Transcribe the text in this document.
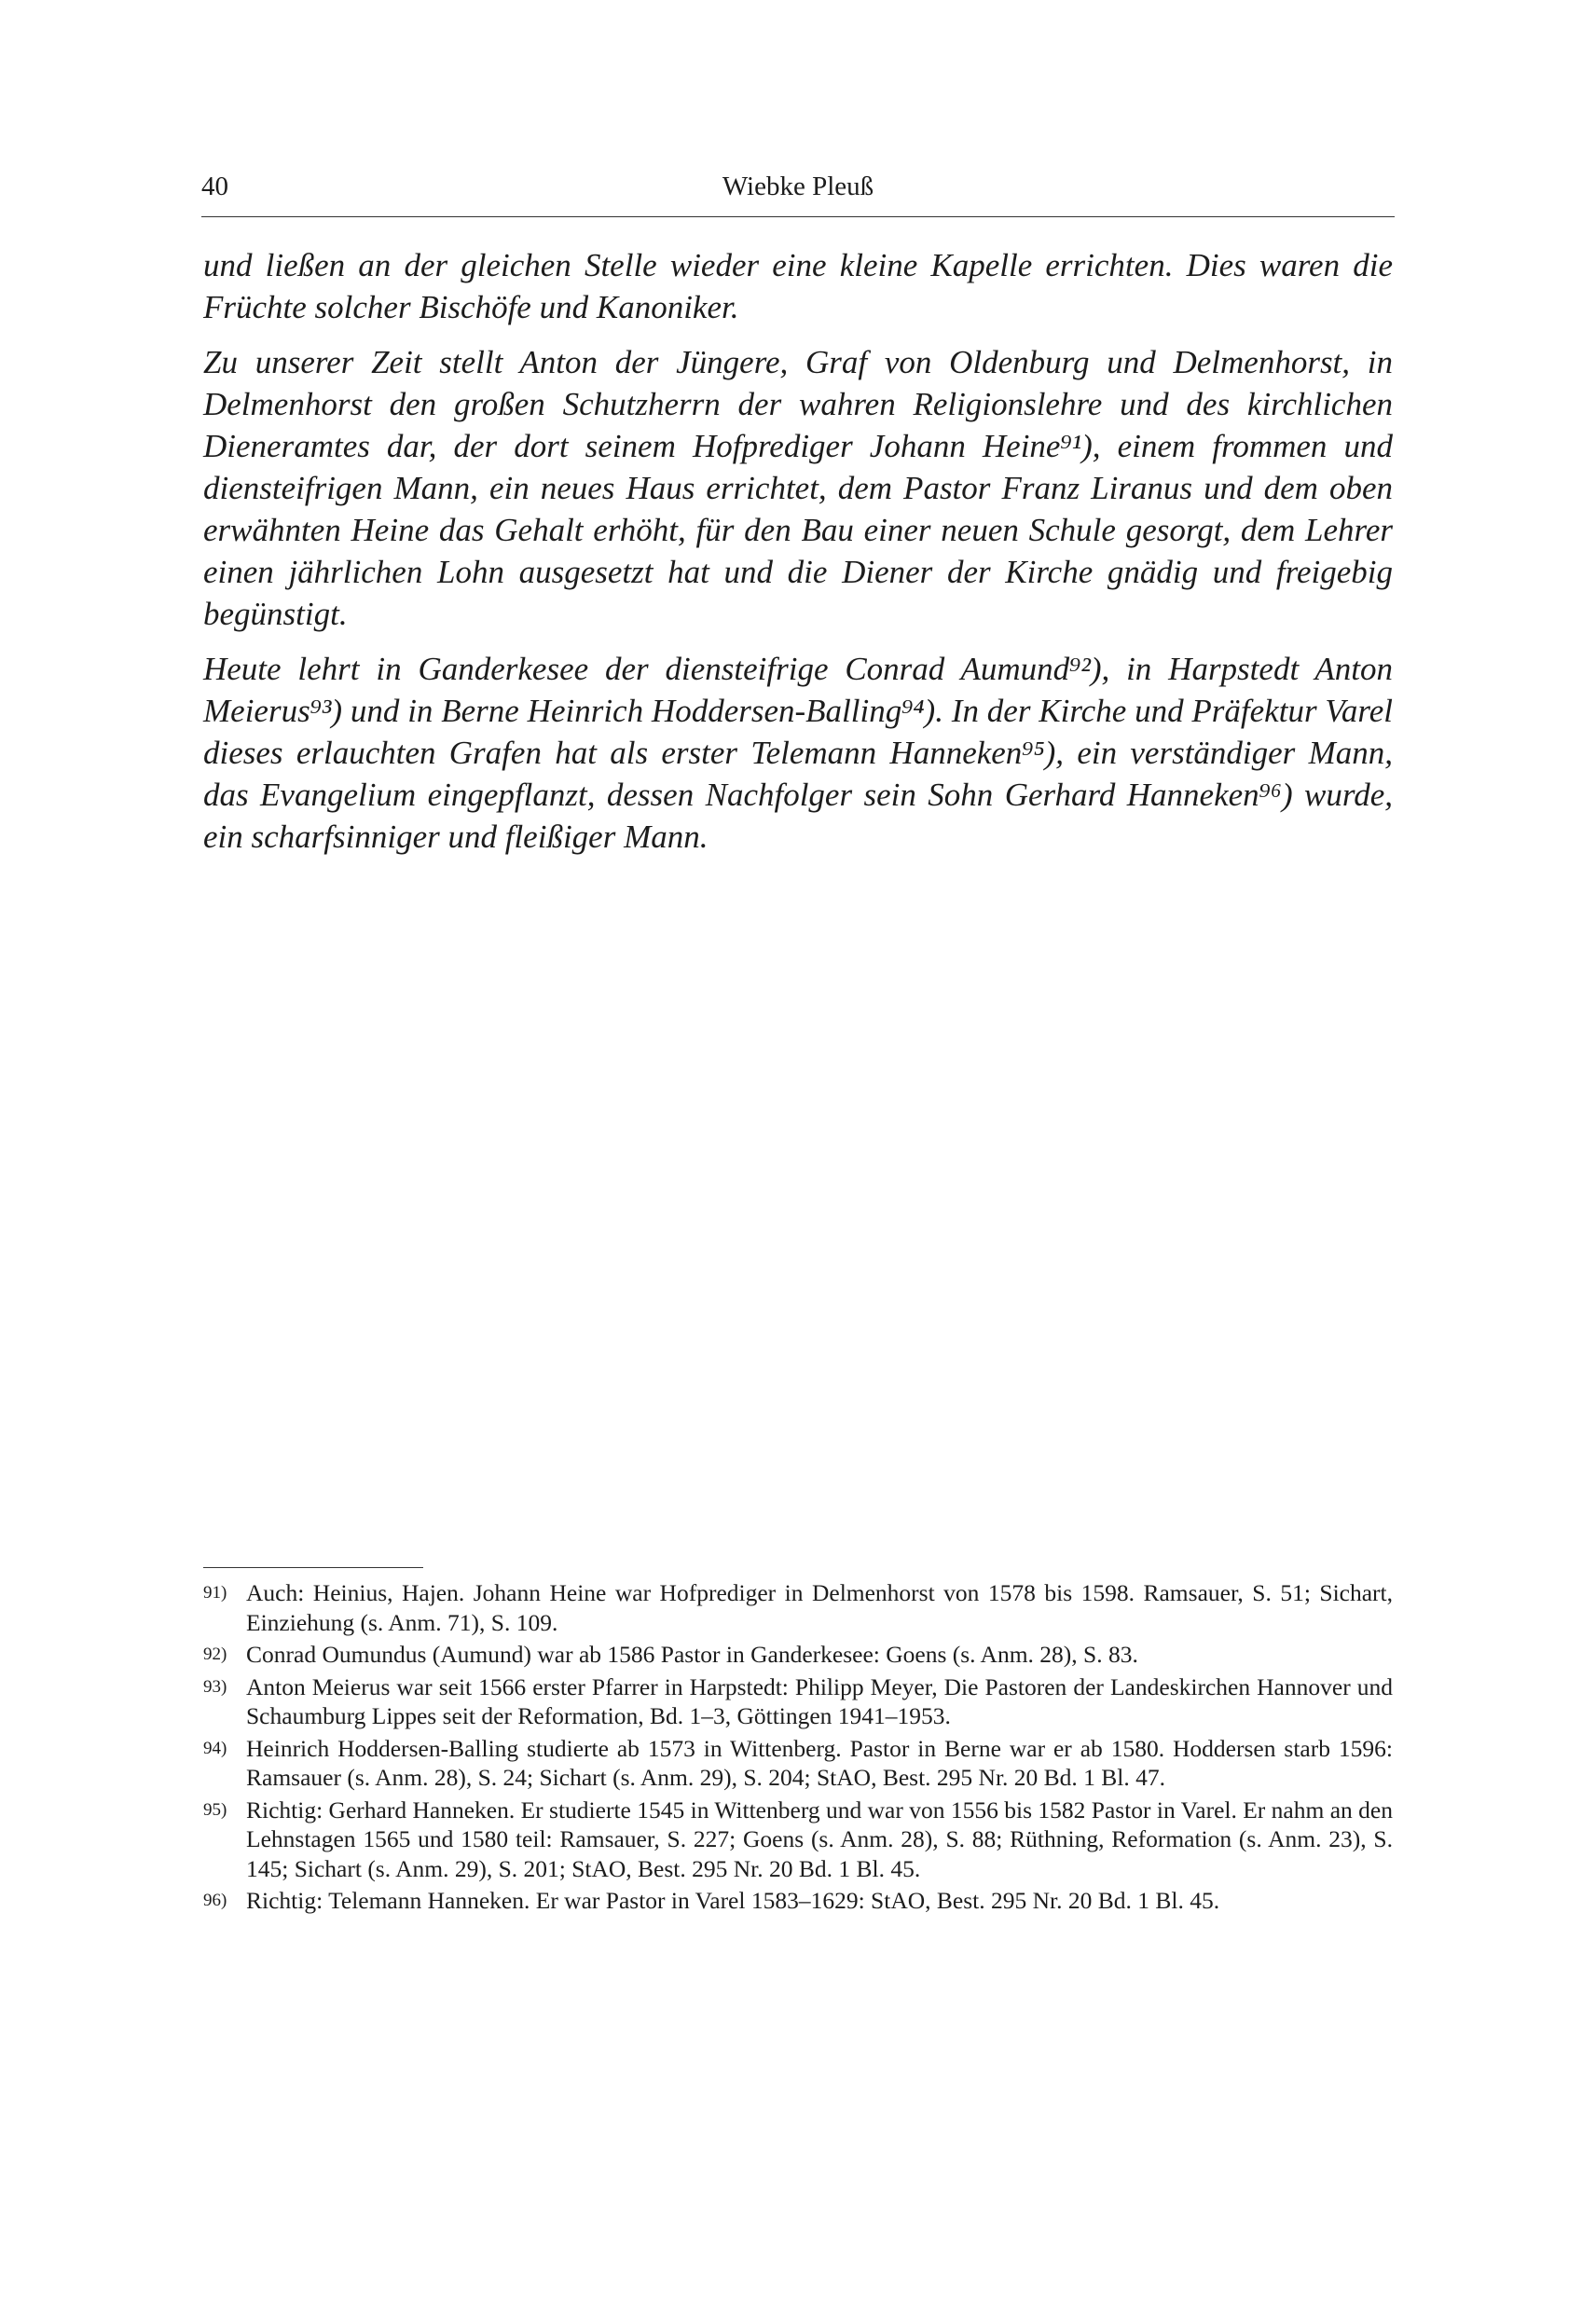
40	Wiebke Pleuß

und ließen an der gleichen Stelle wieder eine kleine Kapelle errichten. Dies waren die Früchte solcher Bischöfe und Kanoniker.

Zu unserer Zeit stellt Anton der Jüngere, Graf von Oldenburg und Delmenhorst, in Delmenhorst den großen Schutzherrn der wahren Religionslehre und des kirchlichen Dieneramtes dar, der dort seinem Hofprediger Johann Heine⁹¹), einem frommen und diensteifrigen Mann, ein neues Haus errichtet, dem Pastor Franz Liranus und dem oben erwähnten Heine das Gehalt erhöht, für den Bau einer neuen Schule gesorgt, dem Lehrer einen jährlichen Lohn ausgesetzt hat und die Diener der Kirche gnädig und freigebig begünstigt.

Heute lehrt in Ganderkesee der diensteifrige Conrad Aumund⁹²), in Harpstedt Anton Meierus⁹³) und in Berne Heinrich Hoddersen-Balling⁹⁴). In der Kirche und Präfektur Varel dieses erlauchten Grafen hat als erster Telemann Hanneken⁹⁵), ein verständiger Mann, das Evangelium eingepflanzt, dessen Nachfolger sein Sohn Gerhard Hanneken⁹⁶) wurde, ein scharfsinniger und fleißiger Mann.

91) Auch: Heinius, Hajen. Johann Heine war Hofprediger in Delmenhorst von 1578 bis 1598. Ramsauer, S. 51; Sichart, Einziehung (s. Anm. 71), S. 109.
92) Conrad Oumundus (Aumund) war ab 1586 Pastor in Ganderkesee: Goens (s. Anm. 28), S. 83.
93) Anton Meierus war seit 1566 erster Pfarrer in Harpstedt: Philipp Meyer, Die Pastoren der Landeskirchen Hannover und Schaumburg Lippes seit der Reformation, Bd. 1–3, Göttingen 1941–1953.
94) Heinrich Hoddersen-Balling studierte ab 1573 in Wittenberg. Pastor in Berne war er ab 1580. Hoddersen starb 1596: Ramsauer (s. Anm. 28), S. 24; Sichart (s. Anm. 29), S. 204; StAO, Best. 295 Nr. 20 Bd. 1 Bl. 47.
95) Richtig: Gerhard Hanneken. Er studierte 1545 in Wittenberg und war von 1556 bis 1582 Pastor in Varel. Er nahm an den Lehnstagen 1565 und 1580 teil: Ramsauer, S. 227; Goens (s. Anm. 28), S. 88; Rüthning, Reformation (s. Anm. 23), S. 145; Sichart (s. Anm. 29), S. 201; StAO, Best. 295 Nr. 20 Bd. 1 Bl. 45.
96) Richtig: Telemann Hanneken. Er war Pastor in Varel 1583–1629: StAO, Best. 295 Nr. 20 Bd. 1 Bl. 45.
